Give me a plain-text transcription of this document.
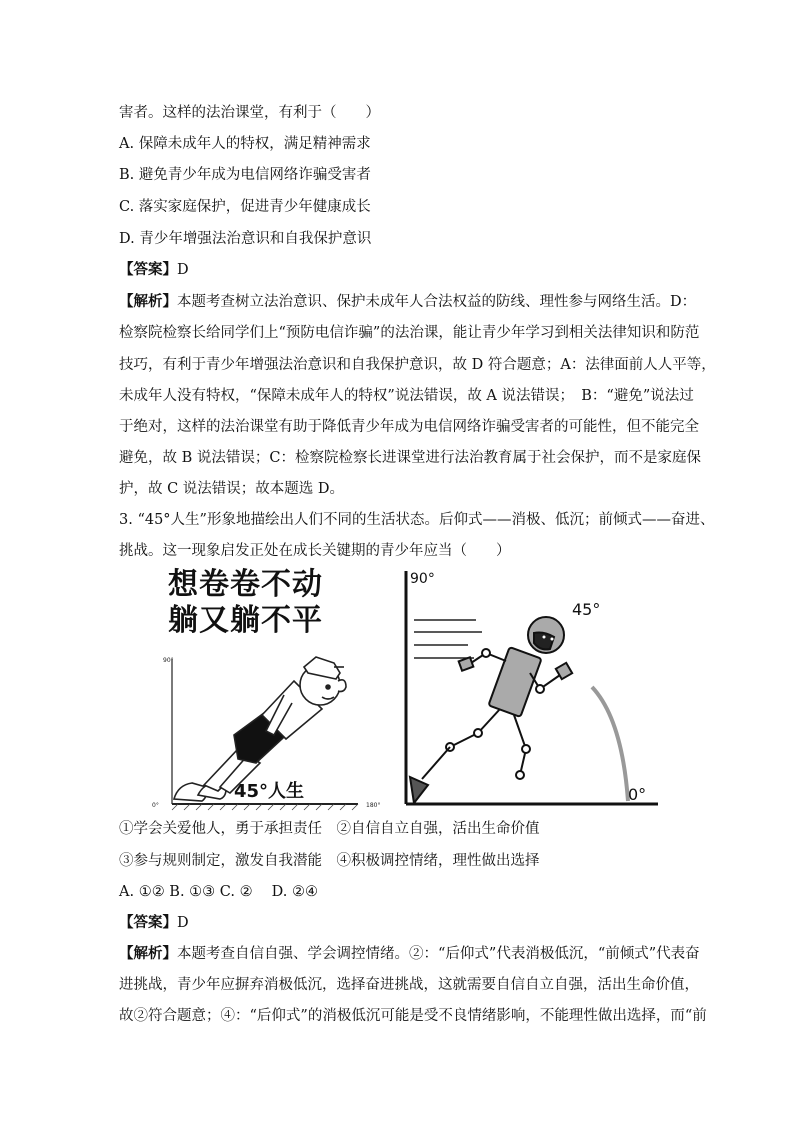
害者。这样的法治课堂，有利于（　　）
A. 保障未成年人的特权，满足精神需求
B. 避免青少年成为电信网络诈骗受害者
C. 落实家庭保护，促进青少年健康成长
D. 青少年增强法治意识和自我保护意识
【答案】D
【解析】本题考查树立法治意识、保护未成年人合法权益的防线、理性参与网络生活。D：
检察院检察长给同学们上“预防电信诈骗”的法治课，能让青少年学习到相关法律知识和防范
技巧，有利于青少年增强法治意识和自我保护意识，故 D 符合题意；A：法律面前人人平等，
未成年人没有特权，“保障未成年人的特权”说法错误，故 A 说法错误；　B：“避免”说法过
于绝对，这样的法治课堂有助于降低青少年成为电信网络诈骗受害者的可能性，但不能完全
避免，故 B 说法错误；C：检察院检察长进课堂进行法治教育属于社会保护，而不是家庭保
护，故 C 说法错误；故本题选 D。
3. “45°人生”形象地描绘出人们不同的生活状态。后仰式——消极、低沉；前倾式——奋进、
挑战。这一现象启发正处在成长关键期的青少年应当（　　）
想卷卷不动
躺又躺不平
90°
0°	180°
45°人生
90°
45°
0°
①学会关爱他人，勇于承担责任　②自信自立自强，活出生命价值
③参与规则制定，激发自我潜能　④积极调控情绪，理性做出选择
A. ①② B. ①③ C. ②　 D. ②④
【答案】D
【解析】本题考查自信自强、学会调控情绪。②：“后仰式”代表消极低沉，“前倾式”代表奋
进挑战，青少年应摒弃消极低沉，选择奋进挑战，这就需要自信自立自强，活出生命价值，
故②符合题意；④：“后仰式”的消极低沉可能是受不良情绪影响，不能理性做出选择，而“前
